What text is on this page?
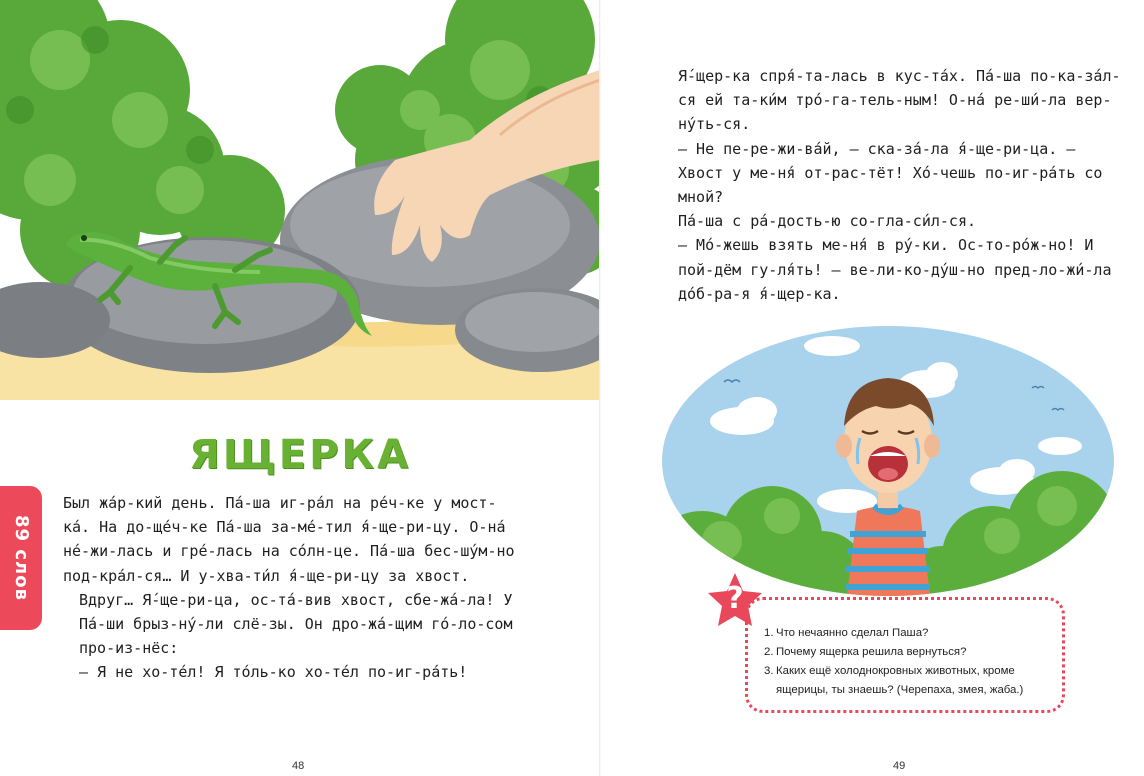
ЯЩЕРКА
89 слов

Был жа́р-кий день. Па́-ша иг-ра́л на ре́ч-ке у мост-ка́. На до-ще́ч-ке Па́-ша за-ме́-тил я́-ще-ри-цу. О-на́ не́-жи-лась и гре́-лась на со́лн-це. Па́-ша бес-шу́м-но под-кра́л-ся… И у-хва-ти́л я́-ще-ри-цу за хвост.

Вдруг… Я́-ще-ри-ца, ос-та́-вив хвост, сбе-жа́-ла! У Па́-ши брыз-ну́-ли слё-зы. Он дро-жа́-щим го́-ло-сом про-из-нёс:

— Я не хо-те́л! Я то́ль-ко хо-те́л по-иг-ра́ть!

48

Я́-щер-ка спря́-та-лась в кус-та́х. Па́-ша по-ка-за́л-ся ей та-ки́м тро́-га-тель-ным! О-на́ ре-ши́-ла вер-ну́ть-ся.

— Не пе-ре-жи-ва́й, — ска-за́-ла я́-ще-ри-ца. — Хвост у ме-ня́ от-рас-тёт! Хо́-чешь по-иг-ра́ть со мной?

Па́-ша с ра́-дость-ю со-гла-си́л-ся.

— Мо́-жешь взять ме-ня́ в ру́-ки. Ос-то-ро́ж-но! И пой-дём гу-ля́ть! — ве-ли-ко-ду́ш-но пред-ло-жи́-ла до́б-ра-я я́-щер-ка.

1. Что нечаянно сделал Паша?
2. Почему ящерка решила вернуться?
3. Каких ещё холоднокровных животных, кроме ящерицы, ты знаешь? (Черепаха, змея, жаба.)
?
49
